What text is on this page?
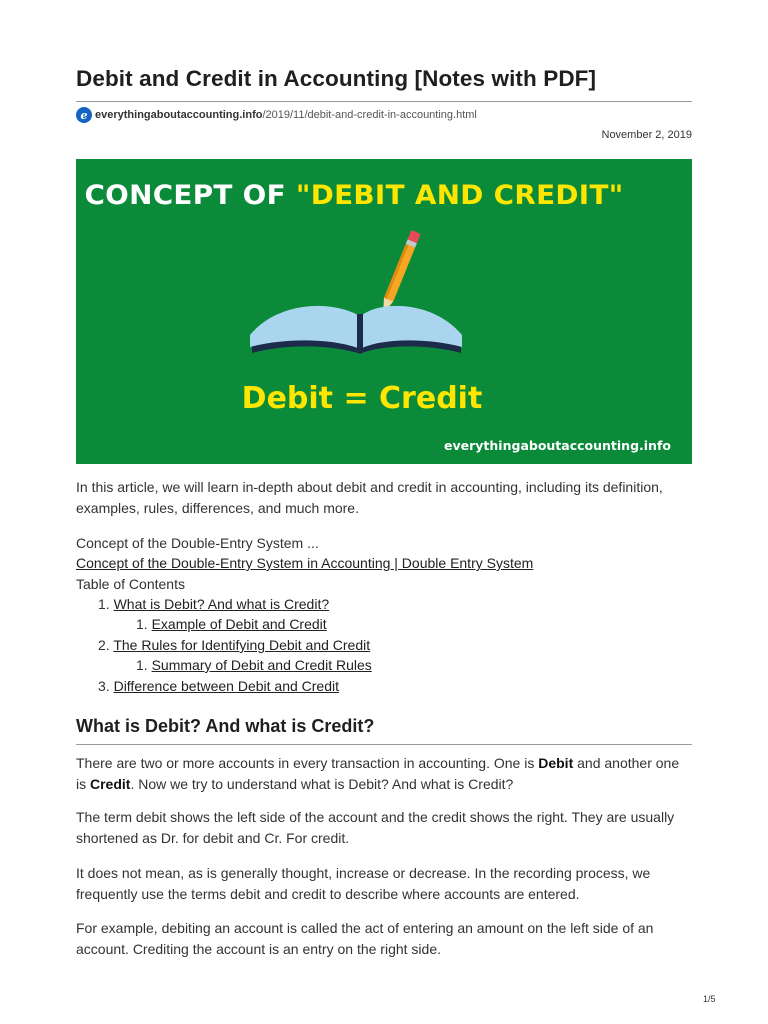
Debit and Credit in Accounting [Notes with PDF]
e everythingaboutaccounting.info /2019/11/debit-and-credit-in-accounting.html
November 2, 2019
CONCEPT OF "DEBIT AND CREDIT"
Debit = Credit
everythingaboutaccounting.info

In this article, we will learn in-depth about debit and credit in accounting, including its definition, examples, rules, differences, and much more.

Concept of the Double-Entry System ...
Concept of the Double-Entry System in Accounting | Double Entry System
Table of Contents
1. What is Debit? And what is Credit?
1. Example of Debit and Credit
2. The Rules for Identifying Debit and Credit
1. Summary of Debit and Credit Rules
3. Difference between Debit and Credit
What is Debit? And what is Credit?

There are two or more accounts in every transaction in accounting. One is Debit and another one is Credit. Now we try to understand what is Debit? And what is Credit?

The term debit shows the left side of the account and the credit shows the right. They are usually shortened as Dr. for debit and Cr. For credit.

It does not mean, as is generally thought, increase or decrease. In the recording process, we frequently use the terms debit and credit to describe where accounts are entered.

For example, debiting an account is called the act of entering an amount on the left side of an account. Crediting the account is an entry on the right side.

1/5
